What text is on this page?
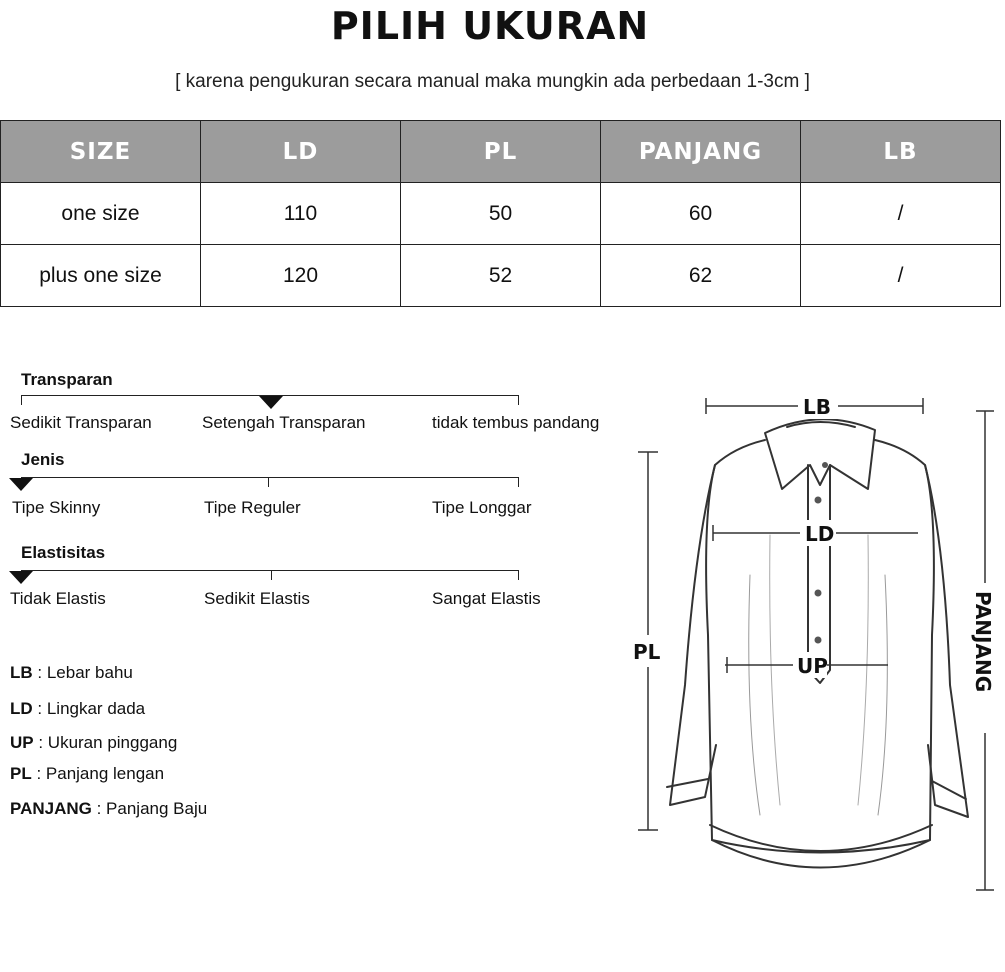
PILIH UKURAN
[ karena pengukuran secara manual maka mungkin ada perbedaan 1-3cm ]
SIZE	LD	PL	PANJANG	LB
one size	110	50	60	/
plus one size	120	52	62	/
Transparan
Sedikit Transparan	Setengah Transparan	tidak tembus pandang
Jenis
Tipe Skinny	Tipe Reguler	Tipe Longgar
Elastisitas
Tidak Elastis	Sedikit Elastis	Sangat Elastis
LB : Lebar bahu
LD : Lingkar dada
UP : Ukuran pinggang
PL : Panjang lengan
PANJANG : Panjang Baju
LB
LD
UP
PL	PANJANG
